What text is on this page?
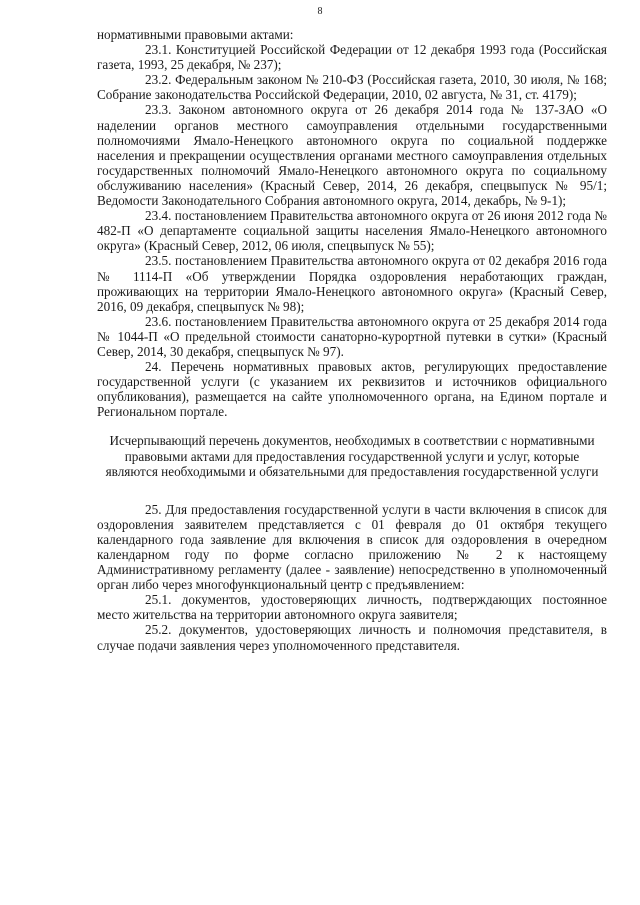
8

нормативными правовыми актами:

23.1. Конституцией Российской Федерации от 12 декабря 1993 года (Российская газета, 1993, 25 декабря, № 237);

23.2. Федеральным законом № 210-ФЗ (Российская газета, 2010, 30 июля, № 168; Собрание законодательства Российской Федерации, 2010, 02 августа, № 31, ст. 4179);

23.3. Законом автономного округа от 26 декабря 2014 года № 137-ЗАО «О наделении органов местного самоуправления отдельными государственными полномочиями Ямало-Ненецкого автономного округа по социальной поддержке населения и прекращении осуществления органами местного самоуправления отдельных государственных полномочий Ямало-Ненецкого автономного округа по социальному обслуживанию населения» (Красный Север, 2014, 26 декабря, спецвыпуск № 95/1; Ведомости Законодательного Собрания автономного округа, 2014, декабрь, № 9-1);

23.4. постановлением Правительства автономного округа от 26 июня 2012 года № 482-П «О департаменте социальной защиты населения Ямало-Ненецкого автономного округа» (Красный Север, 2012, 06 июля, спецвыпуск № 55);

23.5. постановлением Правительства автономного округа от 02 декабря 2016 года № 1114-П «Об утверждении Порядка оздоровления неработающих граждан, проживающих на территории Ямало-Ненецкого автономного округа» (Красный Север, 2016, 09 декабря, спецвыпуск № 98);

23.6. постановлением Правительства автономного округа от 25 декабря 2014 года № 1044-П «О предельной стоимости санаторно-курортной путевки в сутки» (Красный Север, 2014, 30 декабря, спецвыпуск № 97).

24. Перечень нормативных правовых актов, регулирующих предоставление государственной услуги (с указанием их реквизитов и источников официального опубликования), размещается на сайте уполномоченного органа, на Едином портале и Региональном портале.

Исчерпывающий перечень документов, необходимых в соответствии с нормативными правовыми актами для предоставления государственной услуги и услуг, которые являются необходимыми и обязательными для предоставления государственной услуги

25. Для предоставления государственной услуги в части включения в список для оздоровления заявителем представляется с 01 февраля до 01 октября текущего календарного года заявление для включения в список для оздоровления в очередном календарном году по форме согласно приложению № 2 к настоящему Административному регламенту (далее - заявление) непосредственно в уполномоченный орган либо через многофункциональный центр с предъявлением:

25.1. документов, удостоверяющих личность, подтверждающих постоянное место жительства на территории автономного округа заявителя;

25.2. документов, удостоверяющих личность и полномочия представителя, в случае подачи заявления через уполномоченного представителя.
